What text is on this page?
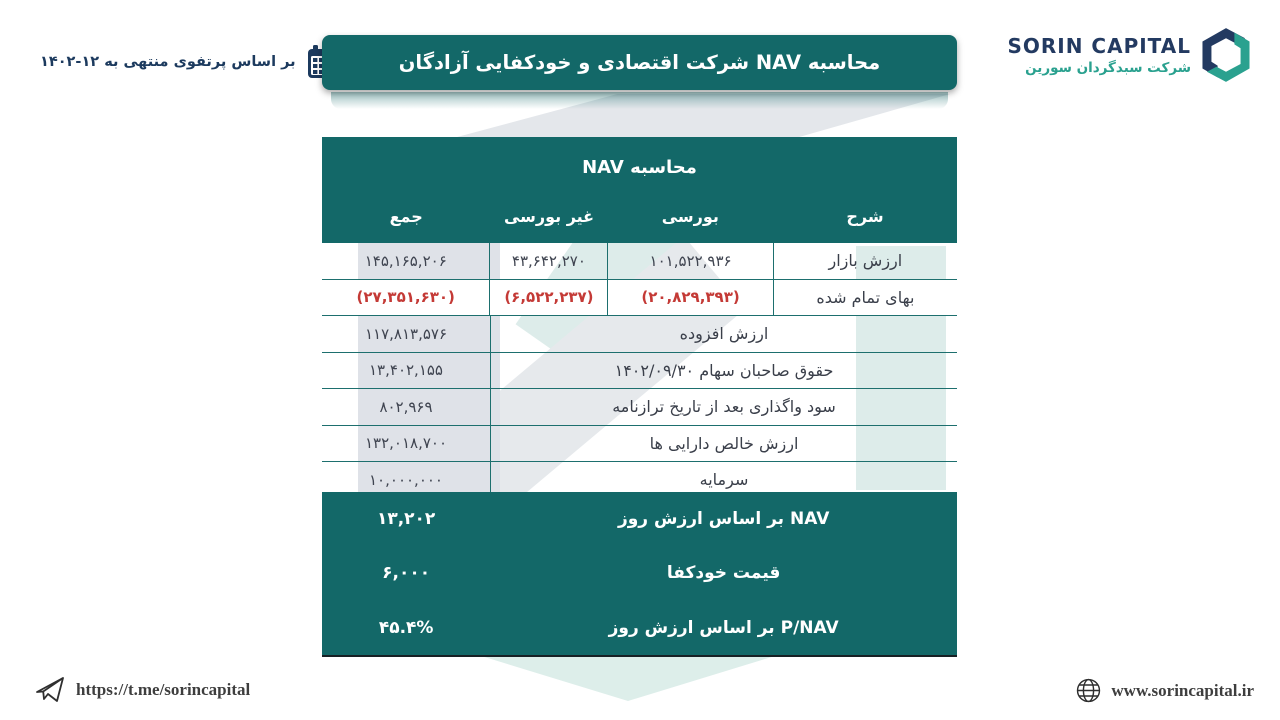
بر اساس پرتفوی منتهی به ۱۲-۱۴۰۲
SORIN CAPITAL
شرکت سبدگردان سورین
محاسبه NAV شرکت اقتصادی و خودکفایی آزادگان
محاسبه NAV
شرح
بورسی
غیر بورسی
جمع
ارزش بازار
۱۰۱,۵۲۲,۹۳۶
۴۳,۶۴۲,۲۷۰
۱۴۵,۱۶۵,۲۰۶
بهای تمام شده
(۲۰,۸۲۹,۳۹۳)
(۶,۵۲۲,۲۳۷)
(۲۷,۳۵۱,۶۳۰)
ارزش افزوده
۱۱۷,۸۱۳,۵۷۶
حقوق صاحبان سهام ۱۴۰۲/۰۹/۳۰
۱۳,۴۰۲,۱۵۵
سود واگذاری بعد از تاریخ ترازنامه
۸۰۲,۹۶۹
ارزش خالص دارایی ها
۱۳۲,۰۱۸,۷۰۰
سرمایه
۱۰,۰۰۰,۰۰۰
NAV بر اساس ارزش روز
۱۳,۲۰۲
قیمت خودکفا
۶,۰۰۰
P/NAV بر اساس ارزش روز
۴۵.۴%
https://t.me/sorincapital	www.sorincapital.ir
